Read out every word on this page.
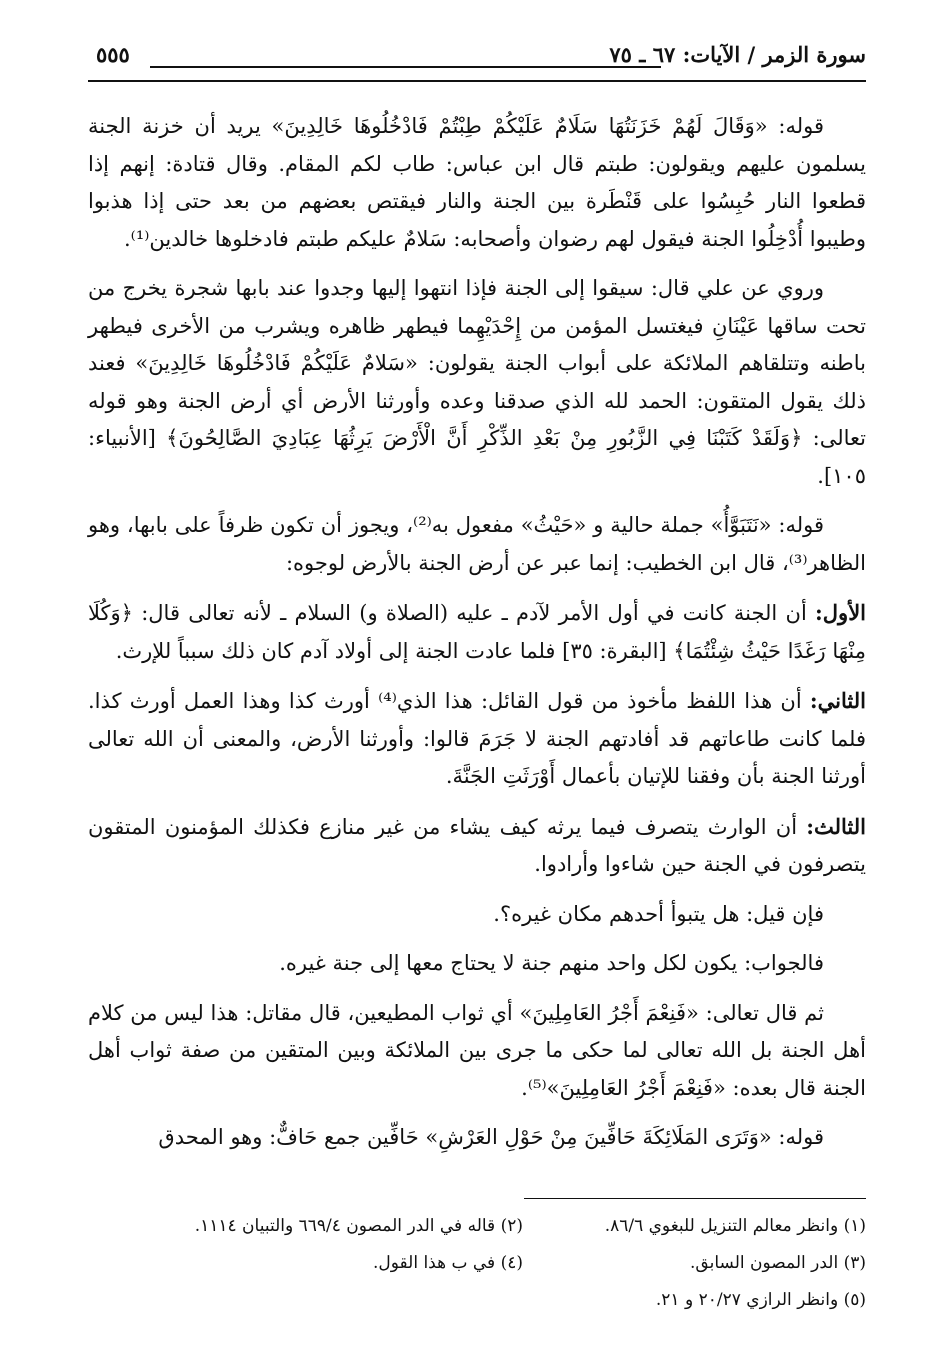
سورة الزمر / الآيات: ٦٧ ـ ٧٥
٥٥٥

قوله: «وَقَالَ لَهُمْ خَزَنَتُهَا سَلَامٌ عَلَيْكُمْ طِبْتُمْ فَادْخُلُوهَا خَالِدِينَ» يريد أن خزنة الجنة يسلمون عليهم ويقولون: طبتم قال ابن عباس: طاب لكم المقام. وقال قتادة: إنهم إذا قطعوا النار حُبِسُوا على قَنْطَرة بين الجنة والنار فيقتص بعضهم من بعد حتى إذا هذبوا وطيبوا أُدْخِلُوا الجنة فيقول لهم رضوان وأصحابه: سَلامٌ عليكم طبتم فادخلوها خالدين⁽¹⁾.

وروي عن علي قال: سيقوا إلى الجنة فإذا انتهوا إليها وجدوا عند بابها شجرة يخرج من تحت ساقها عَيْنَانِ فيغتسل المؤمن من إِحْدَيْهِما فيطهر ظاهره ويشرب من الأخرى فيطهر باطنه وتتلقاهم الملائكة على أبواب الجنة يقولون: «سَلامٌ عَلَيْكُمْ فَادْخُلُوهَا خَالِدِينَ» فعند ذلك يقول المتقون: الحمد لله الذي صدقنا وعده وأورثنا الأرض أي أرض الجنة وهو قوله تعالى: ﴿وَلَقَدْ كَتَبْنَا فِي الزَّبُورِ مِنْ بَعْدِ الذِّكْرِ أَنَّ الْأَرْضَ يَرِثُهَا عِبَادِيَ الصَّالِحُونَ﴾ [الأنبياء: ١٠٥].

قوله: «نَتَبَوَّأُ» جملة حالية و «حَيْثُ» مفعول به⁽²⁾، ويجوز أن تكون ظرفاً على بابها، وهو الظاهر⁽³⁾، قال ابن الخطيب: إنما عبر عن أرض الجنة بالأرض لوجوه:

الأول: أن الجنة كانت في أول الأمر لآدم ـ عليه (الصلاة و) السلام ـ لأنه تعالى قال: ﴿وَكُلَا مِنْهَا رَغَدًا حَيْثُ شِئْتُمَا﴾ [البقرة: ٣٥] فلما عادت الجنة إلى أولاد آدم كان ذلك سبباً للإرث.

الثاني: أن هذا اللفظ مأخوذ من قول القائل: هذا الذي⁽⁴⁾ أورث كذا وهذا العمل أورث كذا. فلما كانت طاعاتهم قد أفادتهم الجنة لا جَرَمَ قالوا: وأورثنا الأرض، والمعنى أن الله تعالى أورثنا الجنة بأن وفقنا للإتيان بأعمال أَوْرَثَتِ الجَنَّةَ.

الثالث: أن الوارث يتصرف فيما يرثه كيف يشاء من غير منازع فكذلك المؤمنون المتقون يتصرفون في الجنة حين شاءوا وأرادوا.

فإن قيل: هل يتبوأ أحدهم مكان غيره؟.

فالجواب: يكون لكل واحد منهم جنة لا يحتاج معها إلى جنة غيره.

ثم قال تعالى: «فَنِعْمَ أَجْرُ العَامِلِينَ» أي ثواب المطيعين، قال مقاتل: هذا ليس من كلام أهل الجنة بل الله تعالى لما حكى ما جرى بين الملائكة وبين المتقين من صفة ثواب أهل الجنة قال بعده: «فَنِعْمَ أَجْرُ العَامِلِينَ»⁽⁵⁾.

قوله: «وَتَرَى المَلَائِكَةَ حَافِّينَ مِنْ حَوْلِ العَرْشِ» حَافِّين جمع حَافٌّ: وهو المحدق

(١) وانظر معالم التنزيل للبغوي ٨٦/٦.
(٢) قاله في الدر المصون ٦٦٩/٤ والتبيان ١١١٤.
(٣) الدر المصون السابق.
(٤) في ب هذا القول.
(٥) وانظر الرازي ٢٠/٢٧ و ٢١.
